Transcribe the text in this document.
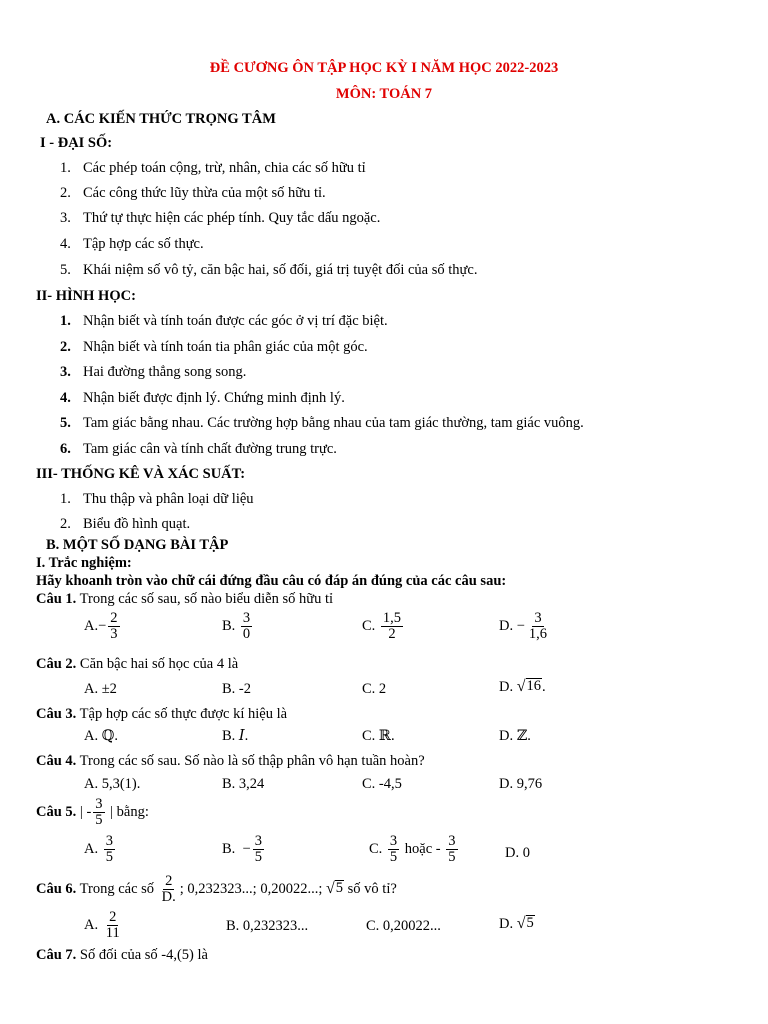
ĐỀ CƯƠNG ÔN TẬP HỌC KỲ I NĂM HỌC 2022-2023
MÔN: TOÁN 7
A. CÁC KIẾN THỨC TRỌNG TÂM
I - ĐẠI SỐ:
1. Các phép toán cộng, trừ, nhân, chia các số hữu tỉ
2. Các công thức lũy thừa của một số hữu tỉ.
3. Thứ tự thực hiện các phép tính. Quy tắc dấu ngoặc.
4. Tập hợp các số thực.
5. Khái niệm số vô tỷ, căn bậc hai, số đối, giá trị tuyệt đối của số thực.
II- HÌNH HỌC:
1. Nhận biết và tính toán được các góc ở vị trí đặc biệt.
2. Nhận biết và tính toán tia phân giác của một góc.
3. Hai đường thẳng song song.
4. Nhận biết được định lý. Chứng minh định lý.
5. Tam giác bằng nhau. Các trường hợp bằng nhau của tam giác thường, tam giác vuông.
6. Tam giác cân và tính chất đường trung trực.
III- THỐNG KÊ VÀ XÁC SUẤT:
1. Thu thập và phân loại dữ liệu
2. Biểu đồ hình quạt.
B. MỘT SỐ DẠNG BÀI TẬP
I. Trắc nghiệm:
Hãy khoanh tròn vào chữ cái đứng đầu câu có đáp án đúng của các câu sau:
Câu 1. Trong các số sau, số nào biểu diễn số hữu tỉ
$A.- \frac{2}{3}$	B. $\frac{3}{0}$	C. $\frac{1,5}{2}$	D. − $\frac{3}{1,6}$
Câu 2. Căn bậc hai số học của 4 là
A. ±2	B. -2	C. 2	D. √ 16 .
Câu 3. Tập hợp các số thực được kí hiệu là
A. ℚ.	B. 𝐼.	C. ℝ.	D. ℤ.
Câu 4. Trong các số sau. Số nào là số thập phân vô hạn tuần hoàn?
A. 5,3(1).	B. 3,24	C. -4,5	D. 9,76
Câu 5. | - $\frac{3}{5}$ | bằng:
A. $\frac{3}{5}$	B. − $\frac{3}{5}$	C. $\frac{3}{5}$ hoặc - $\frac{3}{5}$	D. 0
Câu 6. Trong các số $\frac{2}{D.}$ ; 0,232323...; 0,20022...; √ 5 số vô tỉ?
A. $\frac{2}{11}$	B. 0,232323...	C. 0,20022...	D. √ 5
Câu 7. Số đối của số -4,(5) là
